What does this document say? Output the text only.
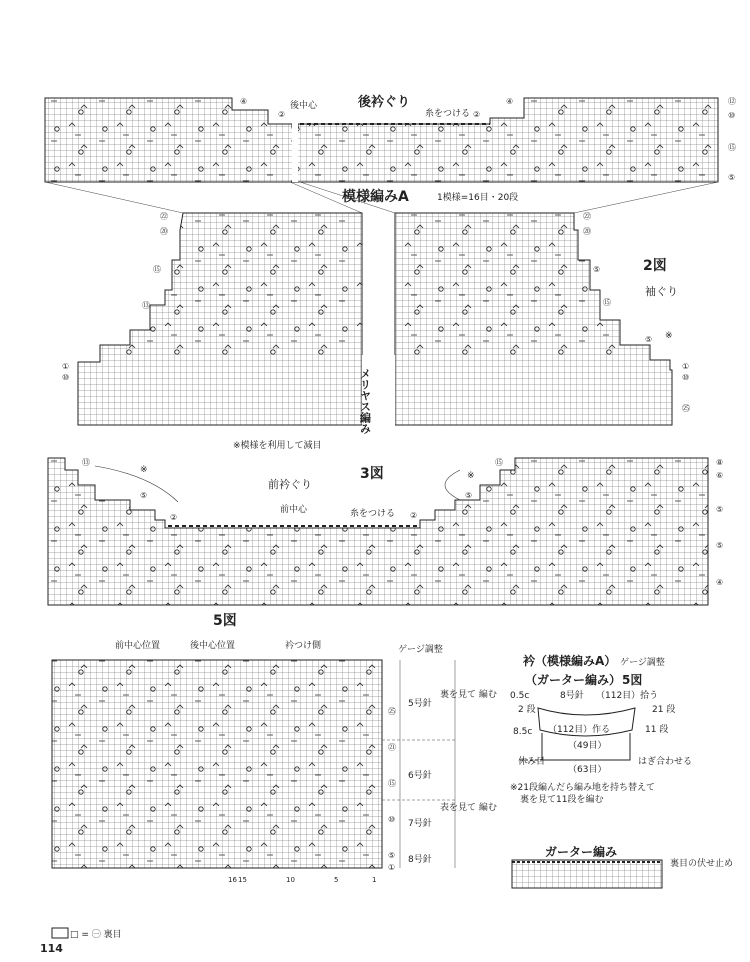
後衿ぐり
後中心
糸をつける
模様編みA	1模様=16目・20段
2図
袖ぐり
メリヤス編み
※
④
②	②
④	⑫
⑩
⑮
⑤
㉒
⑳
⑮
⑬
①
⑩
㉒
⑳
⑤
⑮
⑤
①
⑩
㉕
※模様を利用して減目
3図
前衿ぐり
前中心	糸をつける
※
※
⑬
⑤
②	②
⑤
⑮	⑧
⑥
⑤
⑤
④
5図
前中心位置	後中心位置	衿つけ側	ゲージ調整
5号針
6号針
7号針
8号針
裏を見て 編む
表を見て 編む
㉕
㉑
⑮
⑩
⑤
①
16 15	10	5	1
□ = ㊀ 裏目
衿（模様編みA） ゲージ調整
（ガーター編み） 5図
8号針 （112目）拾う
0.5c
2 段	21 段
8.5c （112目）作る	11 段
休み目
（49目）
はぎ合わせる
（63目）
※21段編んだら編み地を持ち替えて
裏を見て11段を編む
ガーター編み
裏目の伏せ止め
114
